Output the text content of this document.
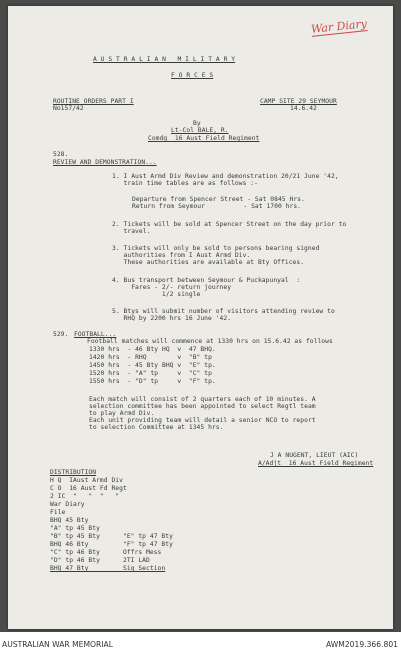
War Diary
A U S T R A L I A N   M I L I T A R Y
F O R C E S
ROUTINE ORDERS PART I
No157/42
CAMP SITE 29 SEYMOUR
14.6.42
By
Lt-Col BALE, R.
Comdg  16 Aust Field Regiment
528.
REVIEW AND DEMONSTRATION...
1. I Aust Armd Div Review and demonstration 20/21 June '42,
train time tables are as follows :-
Departure from Spencer Street - Sat 0845 Hrs.
Return from Seymour          - Sat 1700 hrs.
2. Tickets will be sold at Spencer Street on the day prior to
travel.
3. Tickets will only be sold to persons bearing signed
authorities from I Aust Armd Div.
These authorities are available at Bty Offices.
4. Bus transport between Seymour & Puckapunyal  :
Fares - 2/- return journey
1/2 single
5. Btys will submit number of visitors attending review to
RHQ by 2200 hrs 16 June '42.
529. FOOTBALL...
Football matches will commence at 1330 hrs on 15.6.42 as follows
1330 hrs  - 46 Bty HQ  v  47 BHQ.
1420 hrs  - RHQ        v  "B" tp
1450 hrs  - 45 Bty BHQ v  "E" tp.
1520 hrs  - "A" tp     v  "C" tp
1550 hrs  - "D" tp     v  "F" tp.
Each match will consist of 2 quarters each of 10 minutes. A
selection committee has been appointed to select Regtl team
to play Armd Div.
Each unit providing team will detail a senior NCO to report
to selection Committee at 1345 hrs.
J A NUGENT, LIEUT (AIC)
A/Adjt  16 Aust Field Regiment
DISTRIBUTION
H Q  IAust Armd Div
C O  16 Aust Fd Regt
2 IC  "   "  "   "
War Diary
File
BHQ 45 Bty
"A" tp 45 Bty
"B" tp 45 Bty      "E" tp 47 Bty
BHQ 46 Bty         "F" tp 47 Bty
"C" tp 46 Bty      Offrs Mess
"D" tp 46 Bty      2TI LAD
BHQ 47 Bty         Sig Section
AUSTRALIAN WAR MEMORIAL	AWM2019.366.801
